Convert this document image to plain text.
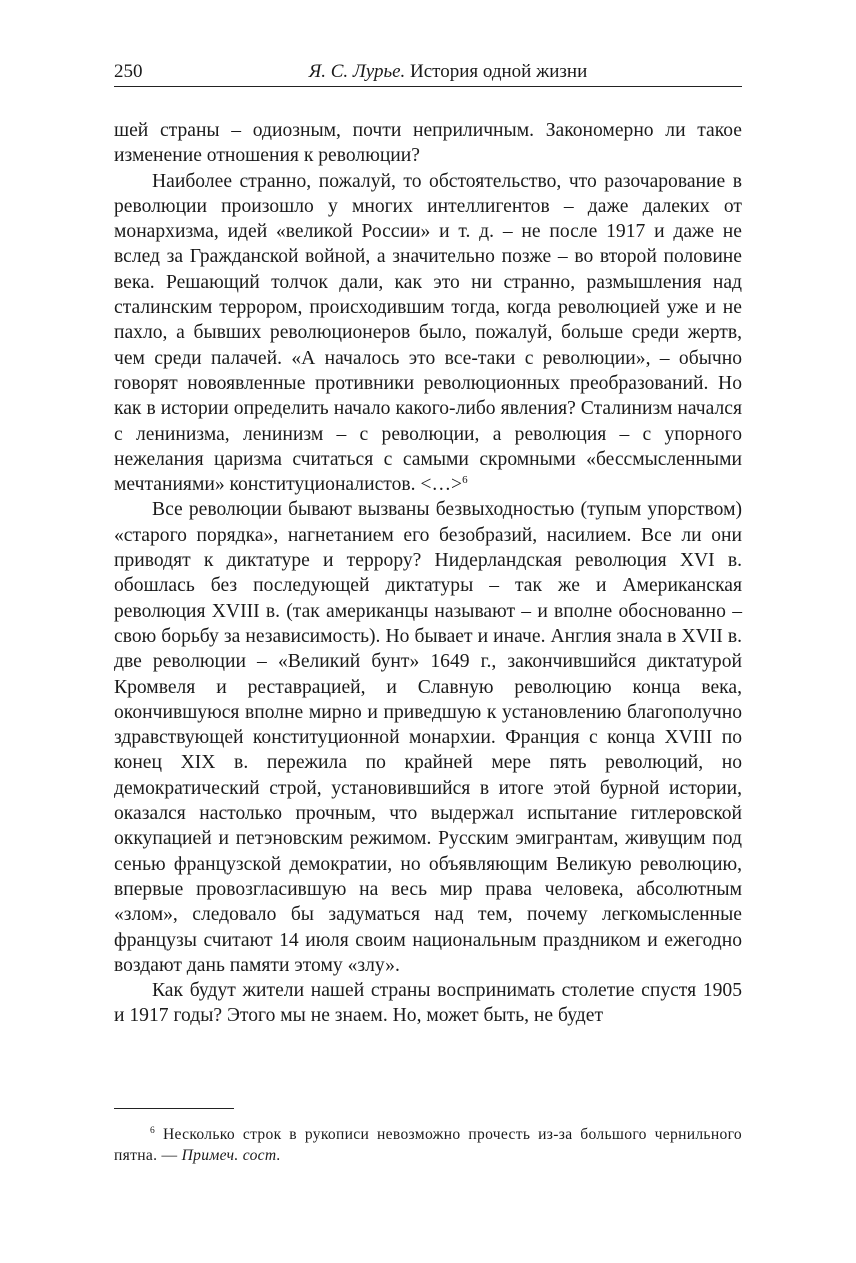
250	Я. С. Лурье. История одной жизни

шей страны – одиозным, почти неприличным. Закономерно ли такое изменение отношения к революции?

Наиболее странно, пожалуй, то обстоятельство, что разочарование в революции произошло у многих интеллигентов – даже далеких от монархизма, идей «великой России» и т. д. – не после 1917 и даже не вслед за Гражданской войной, а значительно позже – во второй половине века. Решающий толчок дали, как это ни странно, размышления над сталинским террором, происходившим тогда, когда революцией уже и не пахло, а бывших революционеров было, пожалуй, больше среди жертв, чем среди палачей. «А началось это все-таки с революции», – обычно говорят новоявленные противники революционных преобразований. Но как в истории определить начало какого-либо явления? Сталинизм начался с ленинизма, ленинизм – с революции, а революция – с упорного нежелания царизма считаться с самыми скромными «бессмысленными мечтаниями» конституционалистов. <…>$^6$

Все революции бывают вызваны безвыходностью (тупым упорством) «старого порядка», нагнетанием его безобразий, насилием. Все ли они приводят к диктатуре и террору? Нидерландская революция XVI в. обошлась без последующей диктатуры – так же и Американская революция XVIII в. (так американцы называют – и вполне обоснованно – свою борьбу за независимость). Но бывает и иначе. Англия знала в XVII в. две революции – «Великий бунт» 1649 г., закончившийся диктатурой Кромвеля и реставрацией, и Славную революцию конца века, окончившуюся вполне мирно и приведшую к установлению благополучно здравствующей конституционной монархии. Франция с конца XVIII по конец XIX в. пережила по крайней мере пять революций, но демократический строй, установившийся в итоге этой бурной истории, оказался настолько прочным, что выдержал испытание гитлеровской оккупацией и петэновским режимом. Русским эмигрантам, живущим под сенью французской демократии, но объявляющим Великую революцию, впервые провозгласившую на весь мир права человека, абсолютным «злом», следовало бы задуматься над тем, почему легкомысленные французы считают 14 июля своим национальным праздником и ежегодно воздают дань памяти этому «злу».

Как будут жители нашей страны воспринимать столетие спустя 1905 и 1917 годы? Этого мы не знаем. Но, может быть, не будет

$^6$ Несколько строк в рукописи невозможно прочесть из-за большого чернильного пятна. — Примеч. сост.
